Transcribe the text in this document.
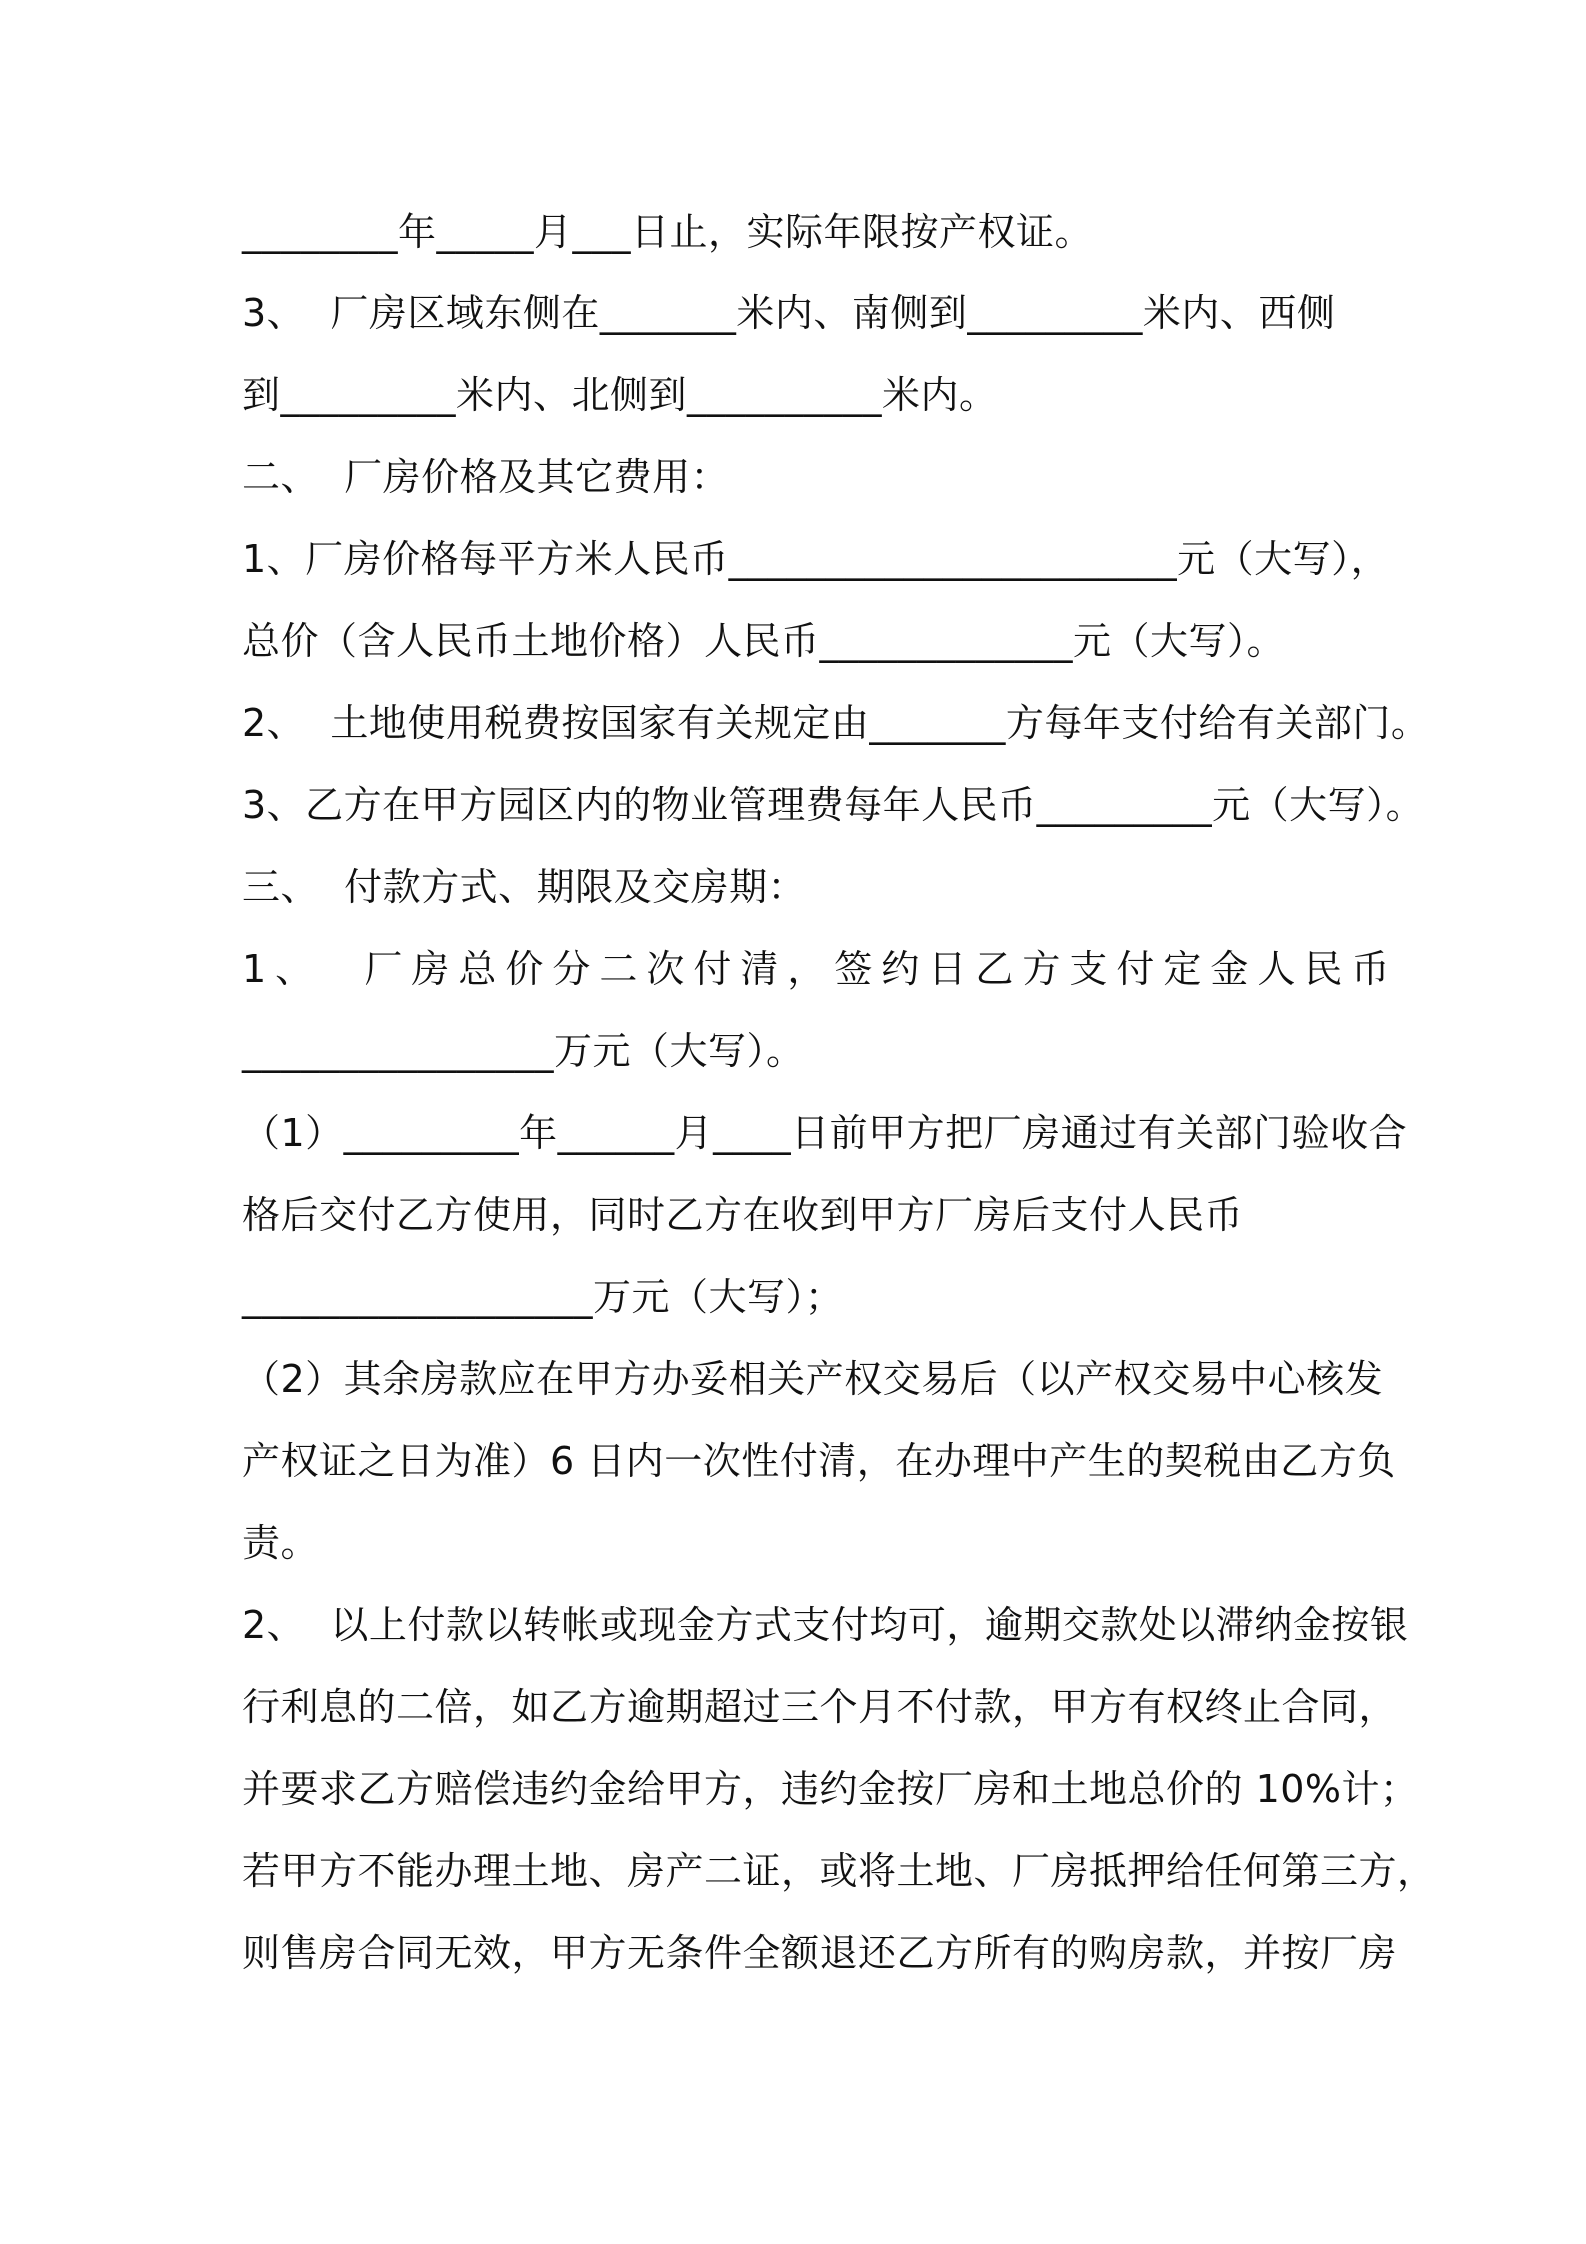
________年_____月___日止，实际年限按产权证。
3、  厂房区域东侧在_______米内、南侧到_________米内、西侧
到_________米内、北侧到__________米内。
二、  厂房价格及其它费用：
1、厂房价格每平方米人民币_______________________元（大写），
总价（含人民币土地价格）人民币_____________元（大写）。
2、  土地使用税费按国家有关规定由_______方每年支付给有关部门。
3、乙方在甲方园区内的物业管理费每年人民币_________元（大写）。
三、  付款方式、期限及交房期：
1、  厂房总价分二次付清，签约日乙方支付定金人民币
________________万元（大写）。
（1）_________年______月____日前甲方把厂房通过有关部门验收合
格后交付乙方使用，同时乙方在收到甲方厂房后支付人民币
__________________万元（大写）；
（2）其余房款应在甲方办妥相关产权交易后（以产权交易中心核发
产权证之日为准）6 日内一次性付清，在办理中产生的契税由乙方负
责。
2、  以上付款以转帐或现金方式支付均可，逾期交款处以滞纳金按银
行利息的二倍，如乙方逾期超过三个月不付款，甲方有权终止合同，
并要求乙方赔偿违约金给甲方，违约金按厂房和土地总价的 10%计；
若甲方不能办理土地、房产二证，或将土地、厂房抵押给任何第三方，
则售房合同无效，甲方无条件全额退还乙方所有的购房款，并按厂房
